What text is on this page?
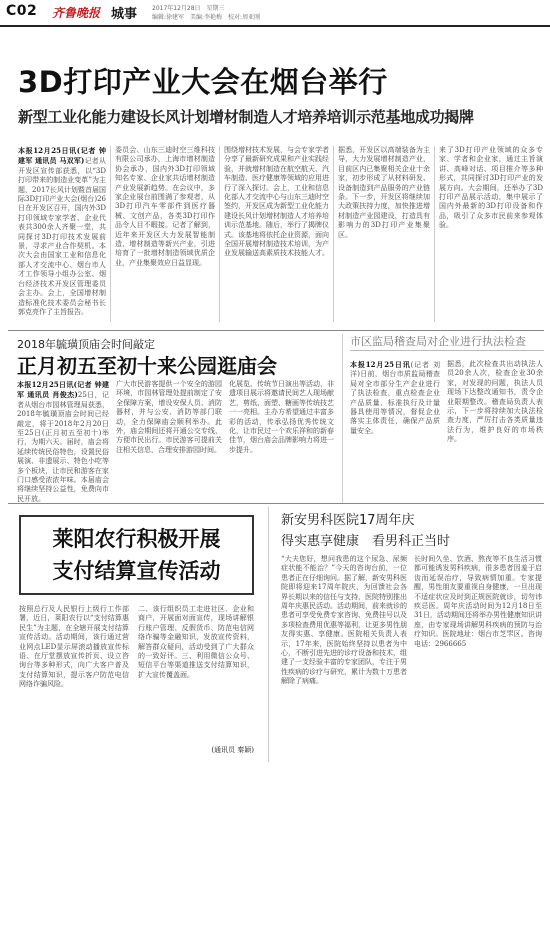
C02 齐鲁晚报 城事 2017年12月28日　星期三
编辑:徐建军　美编:李艳梅　校对:周亚刚
3D打印产业大会在烟台举行
新型工业化能力建设长风计划增材制造人才培养培训示范基地成功揭牌
本报12月25日讯(记者 钟建军 通讯员 马双军)记者从开发区宣传部获悉，以“3D打印带来的制造业变革”为主题，2017长风计划暨首届国际3D打印产业大会(烟台)26日在开发区召开，国内外3D打印领域专家学者、企业代表共300余人齐聚一堂，共同探讨3D打印技术发展前景，寻求产业合作契机。本次大会由国家工业和信息化部人才交流中心、烟台市人才工作领导小组办公室、烟台经济技术开发区管理委员会主办。会上，全国增材制造标准化技术委员会秘书长郭克亮作了主旨报告。
委员会、山东三迪时空三维科技有限公司承办，上海市增材制造协会承办，国内外3D打印领域知名专家、企业家共话增材制造产业发展新趋势。在会议中，多家企业展台前围满了参观者，从3D打印汽车零部件到医疗器械、文创产品，各类3D打印作品令人目不暇接。记者了解到，近年来开发区大力发展智能制造、增材制造等新兴产业，引进培育了一批增材制造领域优质企业，产业集聚效应日益显现。
围绕增材技术发展，与会专家学者分享了最新研究成果和产业实践经验，并就增材制造在航空航天、汽车制造、医疗健康等领域的应用进行了深入探讨。会上，工业和信息化部人才交流中心与山东三迪时空签约，开发区成为新型工业化能力建设长风计划增材制造人才培养培训示范基地。随后，举行了揭牌仪式。该基地将依托企业资源，面向全国开展增材制造技术培训，为产业发展输送高素质技术技能人才。
据悉，开发区以高端装备为主导，大力发展增材制造产业，目前区内已集聚相关企业十余家，初步形成了从材料研发、设备制造到产品服务的产业链条。下一步，开发区将继续加大政策扶持力度，加快推进增材制造产业园建设，打造具有影响力的3D打印产业集聚区。
来了3D打印产业领域的众多专家、学者和企业家，通过主旨演讲、高峰对话、项目推介等多种形式，共同探讨3D打印产业的发展方向。大会期间，还举办了3D打印产品展示活动，集中展示了国内外最新的3D打印设备和作品，吸引了众多市民前来参观体验。
2018年毓璜顶庙会时间敲定
正月初五至初十来公园逛庙会
本报12月25日讯(记者 钟建军 通讯员 肖俊杰)25日，记者从烟台市园林管理局获悉，2018年毓璜顶庙会时间已经敲定，将于2018年2月20日至25日(正月初五至初十)举行，为期六天。届时，庙会将延续传统民俗特色，设置民俗展演、非遗展示、特色小吃等多个板块，让市民和游客在家门口感受浓浓年味。本届庙会将继续坚持公益性，免费向市民开放。
广大市民游客提供一个安全的游园环境，市园林管理处提前制定了安全保障方案，增设安保人员、消防器材，并与公安、消防等部门联动，全力保障庙会顺利举办。此外，庙会期间还将开通公交专线，方便市民出行。市民游客可提前关注相关信息，合理安排游园时间。
化展览、传统节日演出等活动，非遗项目展示将邀请民间艺人现场献艺，剪纸、面塑、糖画等传统技艺一一亮相。主办方希望通过丰富多彩的活动，传承弘扬优秀传统文化，让市民过一个欢乐祥和的新春佳节，烟台庙会品牌影响力将进一步提升。
市区监局稽查局对企业进行执法检查
本报12月25日讯(记者 刘洋)日前，烟台市质监局稽查局对全市部分生产企业进行了执法检查，重点检查企业产品质量、标准执行及计量器具使用等情况，督促企业落实主体责任，确保产品质量安全。
据悉，此次检查共出动执法人员20余人次，检查企业30余家，对发现的问题，执法人员现场下达整改通知书，责令企业限期整改。稽查局负责人表示，下一步将持续加大执法检查力度，严厉打击各类质量违法行为，维护良好的市场秩序。
莱阳农行积极开展
支付结算宣传活动
按照总行及人民银行上级行工作部署，近日，莱阳农行以“支付结算惠民生”为主题，在全辖开展支付结算宣传活动。活动期间，该行通过营业网点LED显示屏滚动播放宣传标语、在厅堂摆放宣传折页、设立咨询台等多种形式，向广大客户普及支付结算知识，提示客户防范电信网络诈骗风险。
二、该行组织员工走进社区、企业和商户，开展面对面宣传，现场讲解银行账户管理、反假货币、防范电信网络诈骗等金融知识，发放宣传资料，解答群众疑问，活动受到了广大群众的一致好评。三、利用微信公众号、短信平台等渠道推送支付结算知识，扩大宣传覆盖面。
(通讯员 秦颖)
新安男科医院17周年庆
得实惠享健康　看男科正当时
“大夫您好，想问我患的这个尿急、尿频症状能不能治？”今天的咨询台前，一位患者正在仔细询问。据了解，新安男科医院即将迎来17周年院庆，为回馈社会各界长期以来的信任与支持，医院特别推出周年庆惠民活动。活动期间，前来就诊的患者可享受免费专家咨询、免费挂号以及多项检查费用优惠等福利，让更多男性朋友得实惠、享健康。医院相关负责人表示，17年来，医院始终坚持以患者为中心，不断引进先进的诊疗设备和技术，组建了一支经验丰富的专家团队，专注于男性疾病的诊疗与研究，累计为数十万患者解除了病痛。
长时间久坐、饮酒、熬夜等不良生活习惯都可能诱发男科疾病，很多患者因羞于启齿而延误治疗，导致病情加重。专家提醒，男性朋友要重视自身健康，一旦出现不适症状应及时到正规医院就诊，切勿讳疾忌医。周年庆活动时间为12月18日至31日，活动期间还将举办男性健康知识讲座，由专家现场讲解男科疾病的预防与治疗知识。医院地址：烟台市芝罘区。咨询电话：2966665
